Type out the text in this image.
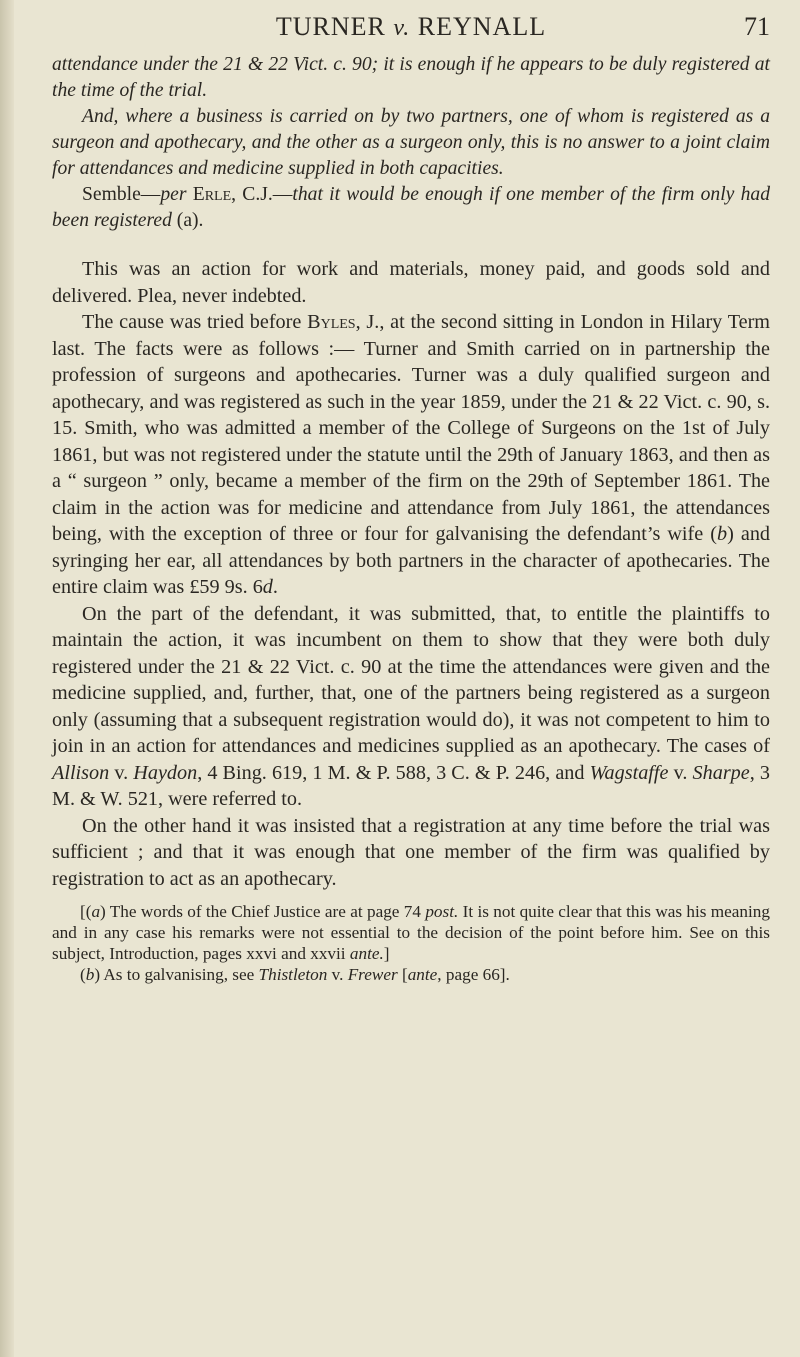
TURNER v. REYNALL	71

attendance under the 21 & 22 Vict. c. 90; it is enough if he appears to be duly registered at the time of the trial.

And, where a business is carried on by two partners, one of whom is registered as a surgeon and apothecary, and the other as a surgeon only, this is no answer to a joint claim for attendances and medicine supplied in both capacities.

Semble—per Erle, C.J.—that it would be enough if one member of the firm only had been registered (a).

This was an action for work and materials, money paid, and goods sold and delivered. Plea, never indebted.

The cause was tried before Byles, J., at the second sitting in London in Hilary Term last. The facts were as follows :— Turner and Smith carried on in partnership the profession of surgeons and apothecaries. Turner was a duly qualified surgeon and apothecary, and was registered as such in the year 1859, under the 21 & 22 Vict. c. 90, s. 15. Smith, who was admitted a member of the College of Surgeons on the 1st of July 1861, but was not registered under the statute until the 29th of January 1863, and then as a “ surgeon ” only, became a member of the firm on the 29th of September 1861. The claim in the action was for medicine and attendance from July 1861, the attendances being, with the exception of three or four for galvanising the defendant’s wife (b) and syringing her ear, all attendances by both partners in the character of apothecaries. The entire claim was £59 9s. 6d.

On the part of the defendant, it was submitted, that, to entitle the plaintiffs to maintain the action, it was incumbent on them to show that they were both duly registered under the 21 & 22 Vict. c. 90 at the time the attendances were given and the medicine supplied, and, further, that, one of the partners being registered as a surgeon only (assuming that a subsequent registration would do), it was not competent to him to join in an action for attendances and medicines supplied as an apothecary. The cases of Allison v. Haydon, 4 Bing. 619, 1 M. & P. 588, 3 C. & P. 246, and Wagstaffe v. Sharpe, 3 M. & W. 521, were referred to.

On the other hand it was insisted that a registration at any time before the trial was sufficient ; and that it was enough that one member of the firm was qualified by registration to act as an apothecary.

[(a) The words of the Chief Justice are at page 74 post. It is not quite clear that this was his meaning and in any case his remarks were not essential to the decision of the point before him. See on this subject, Introduction, pages xxvi and xxvii ante.]

(b) As to galvanising, see Thistleton v. Frewer [ante, page 66].
